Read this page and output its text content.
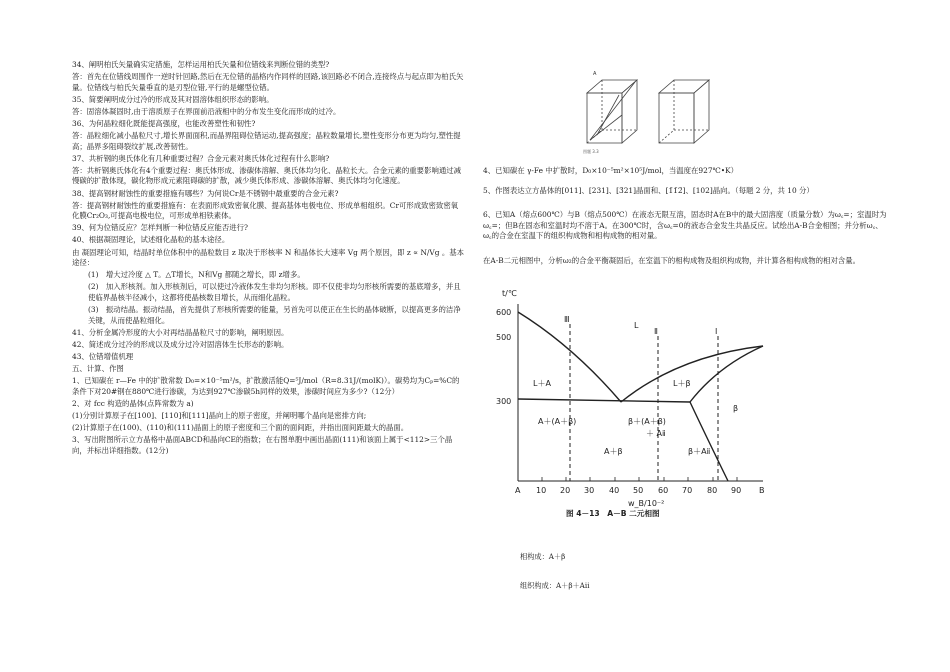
34、阐明柏氏矢量确实定措施，怎样运用柏氏矢量和位错线来判断位错的类型?
答：首先在位错线周围作一逆时针回路,然后在无位错的晶格内作同样的回路,该回路必不闭合,连接终点与起点即为柏氏矢量。位错线与柏氏矢量垂直的是刃型位错,平行的是螺型位错。
35、简要阐明成分过冷的形成及其对固溶体组织形态的影响。
答：固溶体凝固时,由于溶质原子在界面前沿液相中的分布发生变化而形成的过冷。
36、为何晶粒细化既能提高强度，也能改善塑性和韧性?
答：晶粒细化减小晶粒尺寸,增长界面面积,而晶界阻碍位错运动,提高强度；晶粒数量增长,塑性变形分布更为均匀,塑性提高；晶界多阻碍裂纹扩展,改善韧性。
37、共析钢的奥氏体化有几种重要过程？合金元素对奥氏体化过程有什么影响?
答：共析钢奥氏体化有4个重要过程：奥氏体形成、渗碳体溶解、奥氏体均匀化、晶粒长大。合金元素的重要影响通过减慢碳的扩散体现，碳化物形成元素阻碍碳的扩散，减少奥氏体形成、渗碳体溶解、奥氏体均匀化速度。
38、提高钢材耐蚀性的重要措施有哪些？为何说Cr是不锈钢中最重要的合金元素?
答：提高钢材耐蚀性的重要措施有：在表面形成致密氧化膜、提高基体电极电位、形成单相组织。Cr可形成致密致密氧化膜Cr₂O₃,可提高电极电位，可形成单相铁素体。
39、何为位错反应？怎样判断一种位错反应能否进行?
40、根据凝固理论，试述细化晶粒的基本途径。
由 凝固理论可知，结晶时单位体积中的晶粒数目 z 取决于形核率 N 和晶体长大速率 Vg 两个原因，即 z ∝ N/Vg 。基本途径：
(1)　增大过冷度 △ T。△T增长，N和Vg 都随之增长，即 z增多。
(2)　加入形核剂。加入形核剂后，可以使过冷液体发生非均匀形核。即不仅使非均匀形核所需要的基底增多，并且使临界晶核半径减小，这都将使晶核数目增长，从而细化晶粒。
(3)　振动结晶。振动结晶，首先提供了形核所需要的能量，另首先可以使正在生长的晶体破断，以提高更多的洁净关键，从而使晶粒细化。
41、分析金属冷形度的大小对再结晶晶粒尺寸的影响，阐明原因。
42、简述成分过冷的形成以及成分过冷对固溶体生长形态的影响。
43、位错增值机理
五、计算、作图
1、已知碳在 r—Fe 中的扩散常数 D₀=×10⁻⁵m²/s，扩散激活能Q=⁵J/mol（R=8.31J/(molK)）。碳势均为Cₚ=%C的条件下对20#钢在880℃进行渗碳，为达到927℃渗碳5h同样的效果，渗碳时间应为多少?（12分）
2、对 fcc 构造的晶体(点阵常数为 a)
(1)分别计算原子在[100]、[110]和[111]晶向上的原子密度，并阐明哪个晶向是密排方向;
(2)计算原子在(100)、(110)和(111)晶面上的原子密度和三个面的面间距，并指出面间距最大的晶面。
3、写出附图所示立方晶格中晶面ABCD和晶向CE的指数；在右图单胞中画出晶面(111)和该面上属于<112>三个晶向，并标出详细指数。(12分)
A
图题 3.3
4、已知碳在 γ-Fe 中扩散时，D₀×10⁻⁵m²×10⁵J/mol，当温度在927℃•K）
5、作图表达立方晶体的[011]、[231]、[3̄21]晶面和、[1̄1̄2̄]、[102]晶向。（每题 2 分，共 10 分）
6、已知A（熔点600℃）与B（熔点500℃）在液态无限互溶，固态时A在B中的最大固溶度（质量分数）为ω꜀=；室温时为ω꜀=；但B在固态和室温时均不溶于A。在300℃时，含ω꜀=0的液态合金发生共晶反应。试绘出A-B合金相图；并分析ω꜀、ω꜀的合金在室温下的组织构成物和相构成物的相对量。
在A-B二元相图中，分析ω₂的合金平衡凝固后，在室温下的相构成物及组织构成物，并计算各相构成物的相对含量。
t/℃
600
500
300
A 10 20 30 40 50 60 70 80 90 B
w_B/10⁻²
L
L＋A	L＋β
β
A＋(A＋β)	β＋(A＋β)
＋ Aⅱ
A＋β	β＋Aⅱ
Ⅲ
Ⅱ	Ⅰ
图 4－13　A－B 二元相图
相构成：A＋β
组织构成：A＋β＋Aⅱ
